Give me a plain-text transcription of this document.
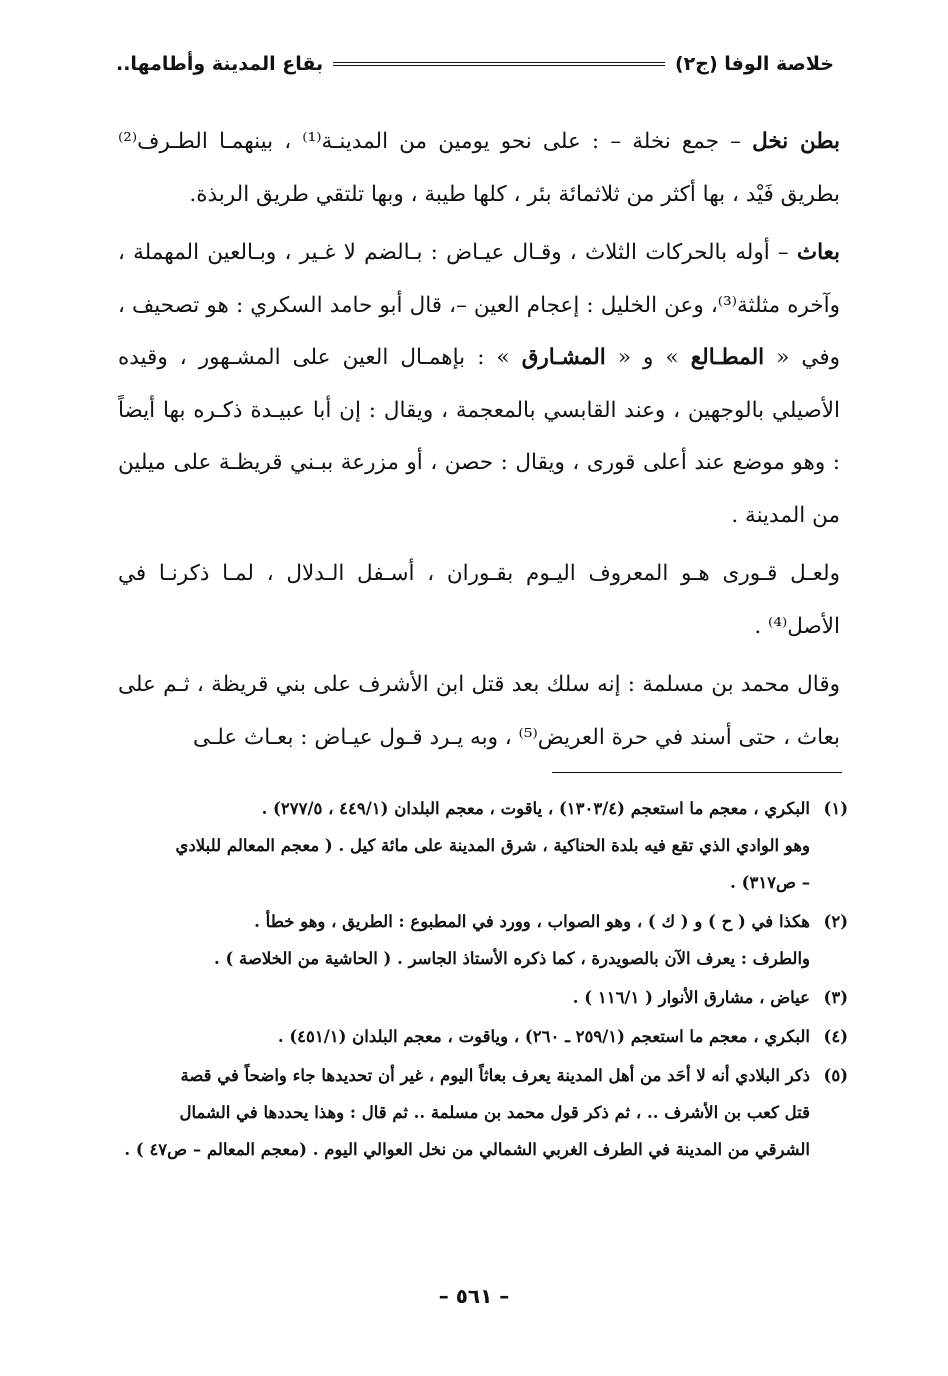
خلاصة الوفا (ج٢)
بقاع المدينة وأطامها..

بطن نخل – جمع نخلة – : على نحو يومين من المدينـة⁽¹⁾ ، بينهمـا الطـرف⁽²⁾ بطريق فَيْد ، بها أكثر من ثلاثمائة بئر ، كلها طيبة ، وبها تلتقي طريق الربذة.

بعاث – أوله بالحركات الثلاث ، وقـال عيـاض : بـالضم لا غـير ، وبـالعين المهملة ، وآخره مثلثة⁽³⁾، وعن الخليل : إعجام العين –، قال أبو حامد السكري : هو تصحيف ، وفي « المطـالع » و « المشـارق » : بإهمـال العين على المشـهور ، وقيده الأصيلي بالوجهين ، وعند القابسي بالمعجمة ، ويقال : إن أبا عبيـدة ذكـره بها أيضاً : وهو موضع عند أعلى قورى ، ويقال : حصن ، أو مزرعة ببـني قريظـة على ميلين من المدينة .

ولعـل قـورى هـو المعروف اليـوم بقـوران ، أسـفل الـدلال ، لمـا ذكرنـا في الأصل⁽⁴⁾ .

وقال محمد بن مسلمة : إنه سلك بعد قتل ابن الأشرف على بني قريظة ، ثـم على بعاث ، حتى أسند في حرة العريض⁽⁵⁾ ، وبه يـرد قـول عيـاض : بعـاث علـى

(١)
البكري ، معجم ما استعجم (١٣٠٣/٤) ، ياقوت ، معجم البلدان (٤٤٩/١ ، ٢٧٧/٥) .
وهو الوادي الذي تقع فيه بلدة الحناكية ، شرق المدينة على مائة كيل . ( معجم المعالم للبلادي
– ص٣١٧) .
(٢)
هكذا في ( ح ) و ( ك ) ، وهو الصواب ، وورد في المطبوع : الطريق ، وهو خطأ .
والطرف : يعرف الآن بالصويدرة ، كما ذكره الأستاذ الجاسر . ( الحاشية من الخلاصة ) .
(٣)
عياض ، مشارق الأنوار ( ١١٦/١ ) .
(٤)
البكري ، معجم ما استعجم (٢٥٩/١ ـ ٢٦٠) ، وياقوت ، معجم البلدان (٤٥١/١) .
(٥)
ذكر البلادي أنه لا أحَد من أهل المدينة يعرف بعاثاً اليوم ، غير أن تحديدها جاء واضحاً في قصة
قتل كعب بن الأشرف .. ، ثم ذكر قول محمد بن مسلمة .. ثم قال : وهذا يحددها في الشمال
الشرقي من المدينة في الطرف الغربي الشمالي من نخل العوالي اليوم . (معجم المعالم – ص٤٧ ) .
– ٥٦١ –
